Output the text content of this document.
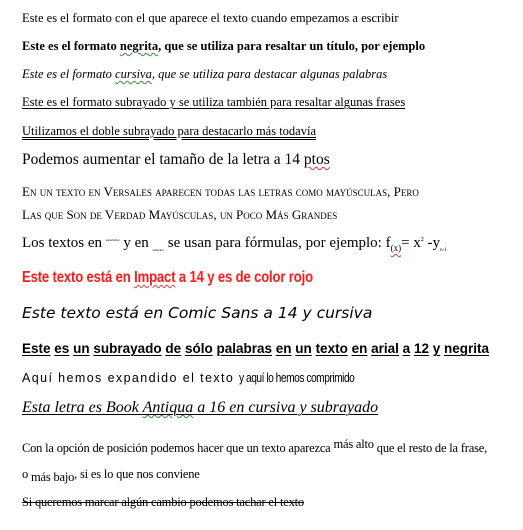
Este es el formato con el que aparece el texto cuando empezamos a escribir
Este es el formato negrita, que se utiliza para resaltar un título, por ejemplo
Este es el formato cursiva, que se utiliza para destacar algunas palabras
Este es el formato subrayado y se utiliza también para resaltar algunas frases
Utilizamos el doble subrayado para destacarlo más todavía
Podemos aumentar el tamaño de la letra a 14 ptos
En un texto en Versales aparecen todas las letras como mayúsculas, Pero
Las que Son de Verdad Mayúsculas, un Poco Más Grandes
Los textos en $^{superíndice}$ y en $_{subíndice}$ se usan para fórmulas, por ejemplo: $f_{(x)}= x^2$ $-y_{n-1}$
Este texto está en Impact a 14 y es de color rojo
Este texto está en Comic Sans a 14 y cursiva
Este es un subrayado de sólo palabras en un texto en arial a 12 y negrita
Aquí hemos expandido el texto y aquí lo hemos comprimido
Esta letra es Book Antiqua a 16 en cursiva y subrayado
Con la opción de posición podemos hacer que un texto aparezca más alto que el resto de la frase, o más bajo, si es lo que nos conviene
Si queremos marcar algún cambio podemos tachar el texto
